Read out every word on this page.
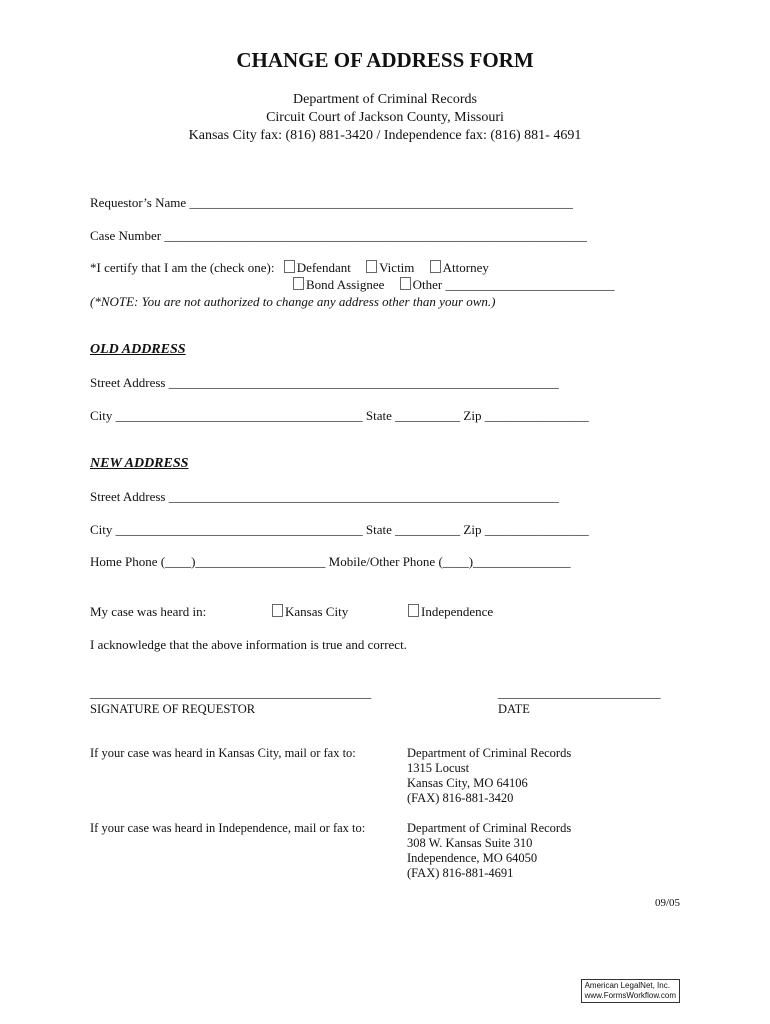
CHANGE OF ADDRESS FORM
Department of Criminal Records
Circuit Court of Jackson County, Missouri
Kansas City fax: (816) 881-3420 / Independence fax: (816) 881- 4691
Requestor’s Name ___________________________________________________________
Case Number _________________________________________________________________
*I certify that I am the (check one): Defendant Victim Attorney
Bond Assignee Other __________________________
(*NOTE: You are not authorized to change any address other than your own.)
OLD ADDRESS
Street Address ____________________________________________________________
City ______________________________________ State __________ Zip ________________
NEW ADDRESS
Street Address ____________________________________________________________
City ______________________________________ State __________ Zip ________________
Home Phone (____)____________________ Mobile/Other Phone (____)_______________
My case was heard in:	Kansas City	Independence
I acknowledge that the above information is true and correct.
_____________________________________________
SIGNATURE OF REQUESTOR
__________________________
DATE
If your case was heard in Kansas City, mail or fax to:	Department of Criminal Records
1315 Locust
Kansas City, MO 64106
(FAX) 816-881-3420
If your case was heard in Independence, mail or fax to:	Department of Criminal Records
308 W. Kansas Suite 310
Independence, MO 64050
(FAX) 816-881-4691
09/05
American LegalNet, Inc.
www.FormsWorkflow.com
